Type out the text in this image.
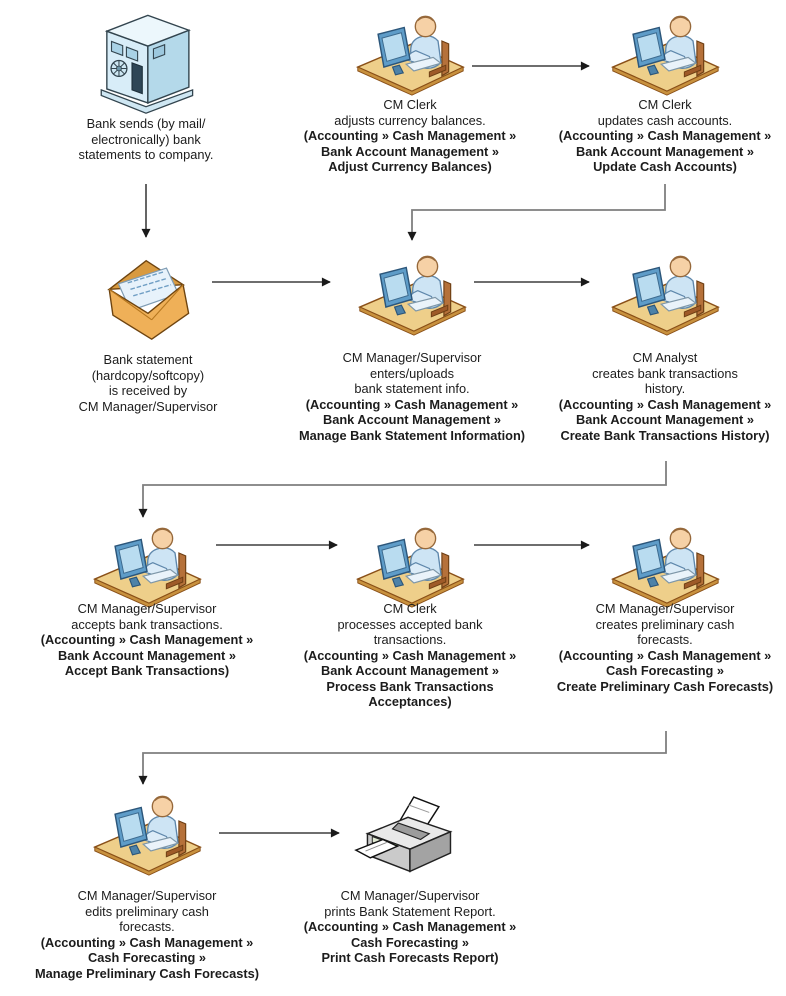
Bank sends (by mail/
electronically) bank
statements to company.
CM Clerk
adjusts currency balances.
(Accounting » Cash Management »
Bank Account Management »
Adjust Currency Balances)
CM Clerk
updates cash accounts.
(Accounting » Cash Management »
Bank Account Management »
Update Cash Accounts)
Bank statement
(hardcopy/softcopy)
is received by
CM Manager/Supervisor
CM Manager/Supervisor
enters/uploads
bank statement info.
(Accounting » Cash Management »
Bank Account Management »
Manage Bank Statement Information)
CM Analyst
creates bank transactions
history.
(Accounting » Cash Management »
Bank Account Management »
Create Bank Transactions History)
CM Manager/Supervisor
accepts bank transactions.
(Accounting » Cash Management »
Bank Account Management »
Accept Bank Transactions)
CM Clerk
processes accepted bank
transactions.
(Accounting » Cash Management »
Bank Account Management »
Process Bank Transactions
Acceptances)
CM Manager/Supervisor
creates preliminary cash
forecasts.
(Accounting » Cash Management »
Cash Forecasting »
Create Preliminary Cash Forecasts)
CM Manager/Supervisor
edits preliminary cash
forecasts.
(Accounting » Cash Management »
Cash Forecasting »
Manage Preliminary Cash Forecasts)
CM Manager/Supervisor
prints Bank Statement Report.
(Accounting » Cash Management »
Cash Forecasting »
Print Cash Forecasts Report)
